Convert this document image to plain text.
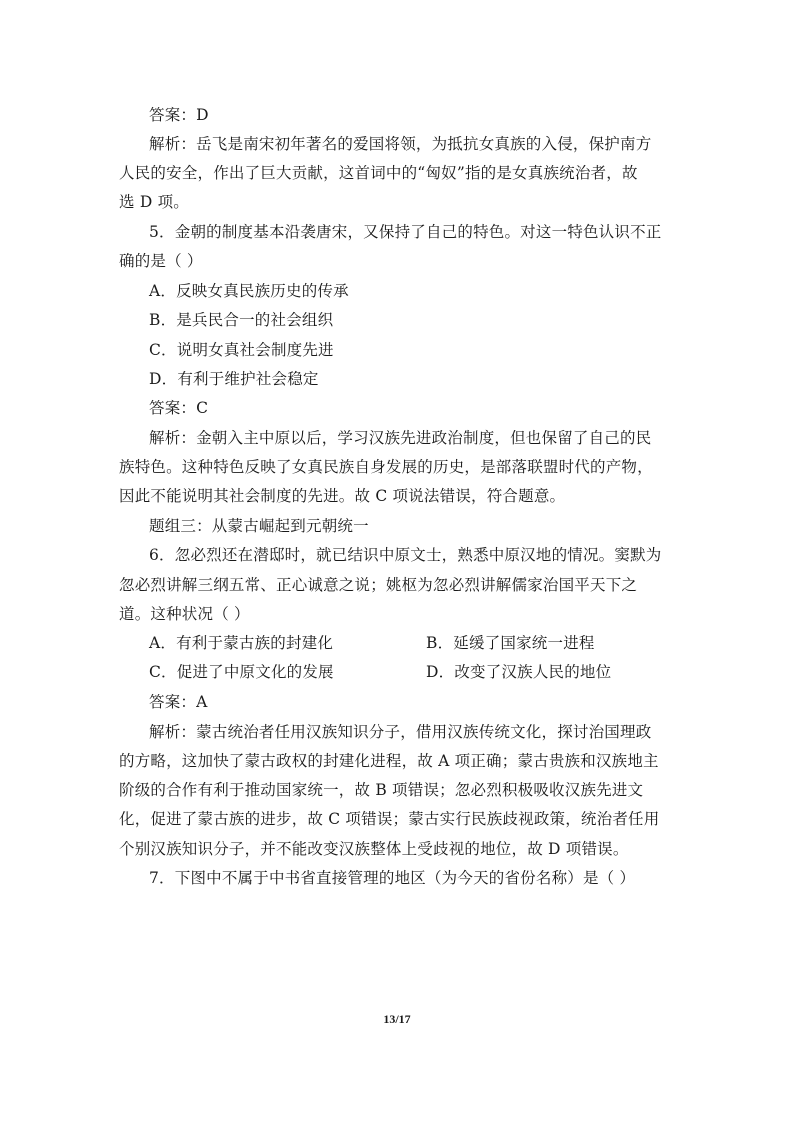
答案：D
解析：岳飞是南宋初年著名的爱国将领，为抵抗女真族的入侵，保护南方
人民的安全，作出了巨大贡献，这首词中的“匈奴”指的是女真族统治者，故
选 D 项。
5．金朝的制度基本沿袭唐宋，又保持了自己的特色。对这一特色认识不正
确的是（ ）
A．反映女真民族历史的传承
B．是兵民合一的社会组织
C．说明女真社会制度先进
D．有利于维护社会稳定
答案：C
解析：金朝入主中原以后，学习汉族先进政治制度，但也保留了自己的民
族特色。这种特色反映了女真民族自身发展的历史，是部落联盟时代的产物，
因此不能说明其社会制度的先进。故 C 项说法错误，符合题意。
题组三：从蒙古崛起到元朝统一
6．忽必烈还在潜邸时，就已结识中原文士，熟悉中原汉地的情况。窦默为
忽必烈讲解三纲五常、正心诚意之说；姚枢为忽必烈讲解儒家治国平天下之
道。这种状况（ ）
A．有利于蒙古族的封建化	B．延缓了国家统一进程
C．促进了中原文化的发展	D．改变了汉族人民的地位
答案：A
解析：蒙古统治者任用汉族知识分子，借用汉族传统文化，探讨治国理政
的方略，这加快了蒙古政权的封建化进程，故 A 项正确；蒙古贵族和汉族地主
阶级的合作有利于推动国家统一，故 B 项错误；忽必烈积极吸收汉族先进文
化，促进了蒙古族的进步，故 C 项错误；蒙古实行民族歧视政策，统治者任用
个别汉族知识分子，并不能改变汉族整体上受歧视的地位，故 D 项错误。
7．下图中不属于中书省直接管理的地区（为今天的省份名称）是（ ）
13/17
